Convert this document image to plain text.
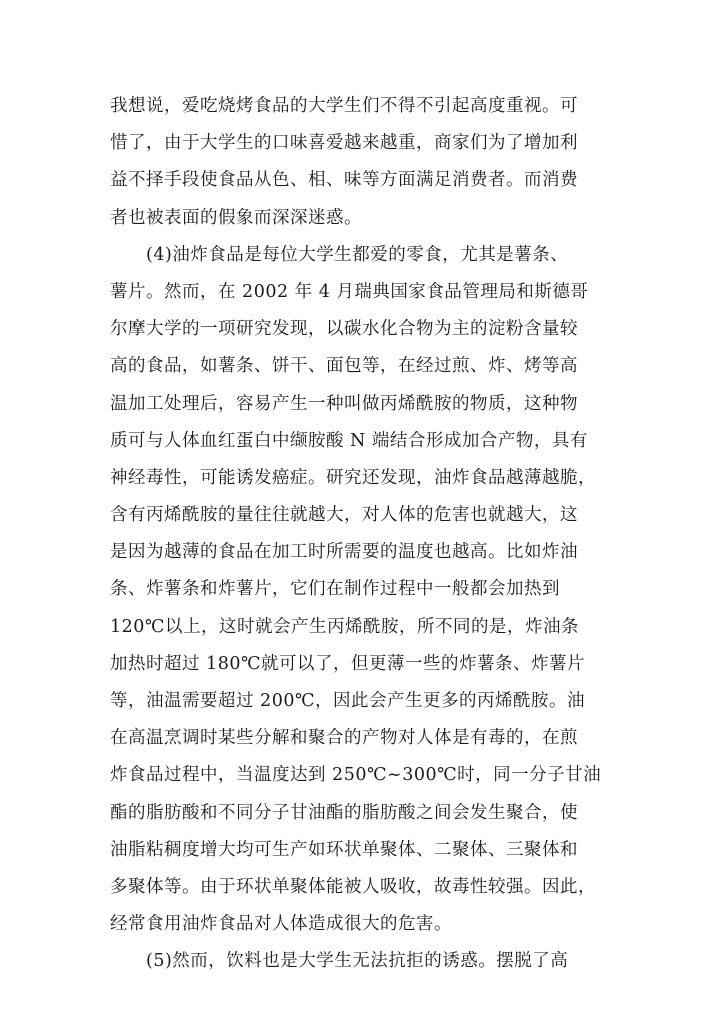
我想说，爱吃烧烤食品的大学生们不得不引起高度重视。可
惜了，由于大学生的口味喜爱越来越重，商家们为了增加利
益不择手段使食品从色、相、味等方面满足消费者。而消费
者也被表面的假象而深深迷惑。
(4)油炸食品是每位大学生都爱的零食，尤其是薯条、
薯片。然而，在 2002 年 4 月瑞典国家食品管理局和斯德哥
尔摩大学的一项研究发现，以碳水化合物为主的淀粉含量较
高的食品，如薯条、饼干、面包等，在经过煎、炸、烤等高
温加工处理后，容易产生一种叫做丙烯酰胺的物质，这种物
质可与人体血红蛋白中缬胺酸 N 端结合形成加合产物，具有
神经毒性，可能诱发癌症。研究还发现，油炸食品越薄越脆，
含有丙烯酰胺的量往往就越大，对人体的危害也就越大，这
是因为越薄的食品在加工时所需要的温度也越高。比如炸油
条、炸薯条和炸薯片，它们在制作过程中一般都会加热到
120℃以上，这时就会产生丙烯酰胺，所不同的是，炸油条
加热时超过 180℃就可以了，但更薄一些的炸薯条、炸薯片
等，油温需要超过 200℃，因此会产生更多的丙烯酰胺。油
在高温烹调时某些分解和聚合的产物对人体是有毒的，在煎
炸食品过程中，当温度达到 250℃~300℃时，同一分子甘油
酯的脂肪酸和不同分子甘油酯的脂肪酸之间会发生聚合，使
油脂粘稠度增大均可生产如环状单聚体、二聚体、三聚体和
多聚体等。由于环状单聚体能被人吸收，故毒性较强。因此，
经常食用油炸食品对人体造成很大的危害。
(5)然而，饮料也是大学生无法抗拒的诱惑。摆脱了高
